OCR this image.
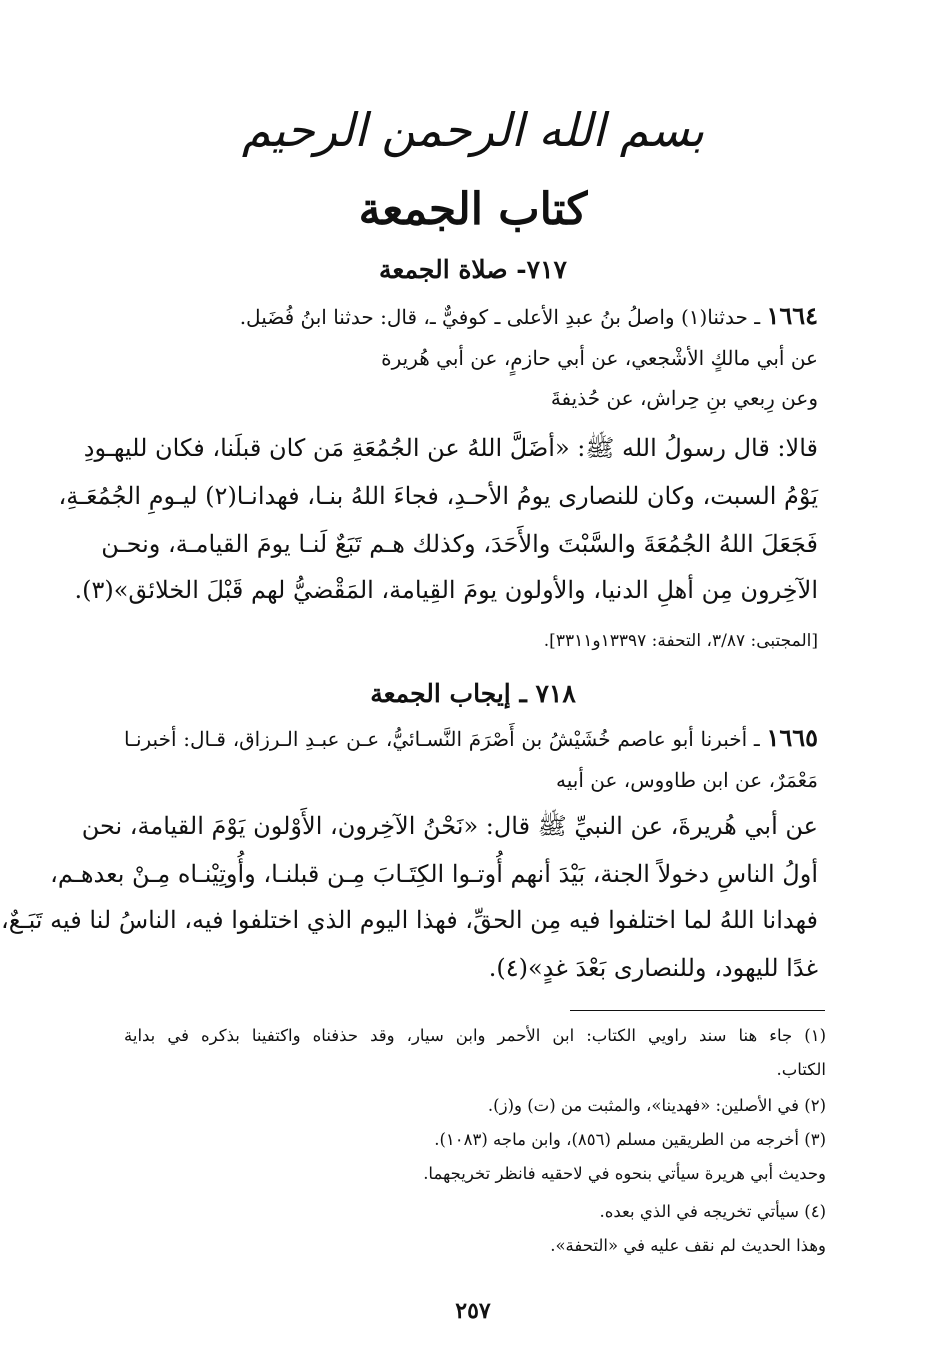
بسم الله الرحمن الرحيم
كتاب الجمعة
٧١٧- صلاة الجمعة
١٦٦٤ ـ حدثنا(١) واصلُ بنُ عبدِ الأعلى ـ كوفيٌّ ـ، قال: حدثنا ابنُ فُضَيل.
عن أبي مالكٍ الأشْجعي، عن أبي حازمٍ، عن أبي هُريرة
وعن رِبعي بنِ حِراش، عن حُذيفةَ
قالا: قال رسولُ الله ﷺ: «أضَلَّ اللهُ عن الجُمُعَةِ مَن كان قبلَنا، فكان لليهـودِ
يَوْمُ السبت، وكان للنصارى يومُ الأحـدِ، فجاءَ اللهُ بنـا، فهدانـا(٢) ليـومِ الجُمُعَـةِ،
فَجَعَلَ اللهُ الجُمُعَةَ والسَّبْتَ والأَحَدَ، وكذلك هـم تَبَعٌ لَنـا يومَ القيامـة، ونحـن
الآخِرون مِن أهلِ الدنيا، والأولون يومَ القِيامة، المَقْضيُّ لهم قَبْلَ الخلائق»(٣).
[المجتبى: ٣/٨٧، التحفة: ١٣٣٩٧و٣٣١١].
٧١٨ ـ إيجاب الجمعة
١٦٦٥ ـ أخبرنا أبو عاصم خُشَيْشُ بن أَصْرَمَ النَّسـائيُّ، عـن عبـدِ الـرزاق، قـال: أخبرنـا
مَعْمَرٌ، عن ابن طاووس، عن أبيه
عن أبي هُريرةَ، عن النبيِّ ﷺ قال: «نَحْنُ الآخِرون، الأَوْلون يَوْمَ القيامة، نحن
أولُ الناسِ دخولاً الجنة، بَيْدَ أنهم أُوتـوا الكِتَـابَ مِـن قبلنـا، وأُوتِيْنـاه مِـنْ بعدهـم،
فهدانا اللهُ لما اختلفوا فيه مِن الحقِّ، فهذا اليوم الذي اختلفوا فيه، الناسُ لنا فيه تَبَـعٌ،
غدًا لليهود، وللنصارى بَعْدَ غدٍ»(٤).
(١) جاء هنا سند راويي الكتاب: ابن الأحمر وابن سيار، وقد حذفناه واكتفينا بذكره في بداية
الكتاب.
(٢) في الأصلين: «فهدينا»، والمثبت من (ت) و(ز).
(٣) أخرجه من الطريقين مسلم (٨٥٦)، وابن ماجه (١٠٨٣).
وحديث أبي هريرة سيأتي بنحوه في لاحقيه فانظر تخريجهما.
(٤) سيأتي تخريجه في الذي بعده.
وهذا الحديث لم نقف عليه في «التحفة».
٢٥٧
